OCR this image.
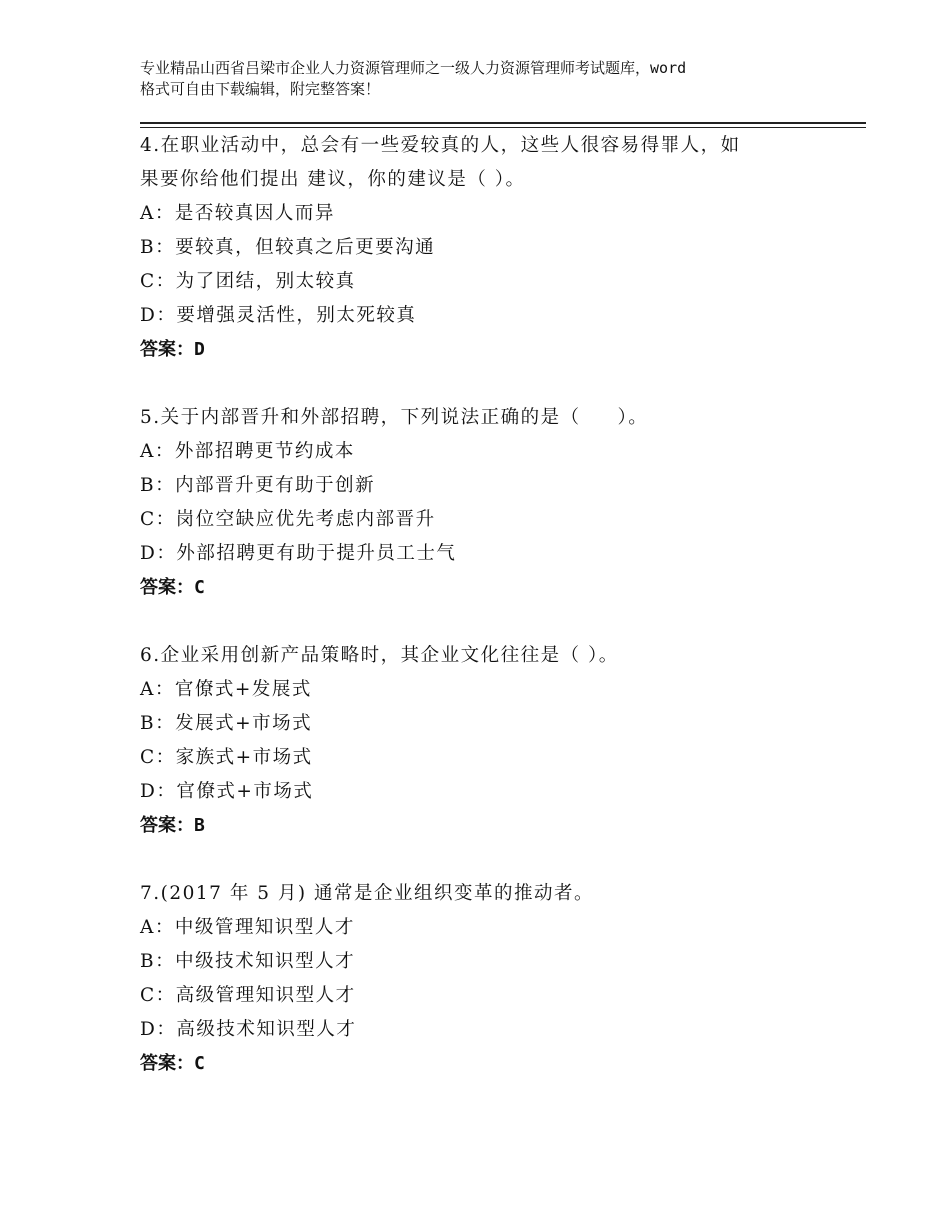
专业精品山西省吕梁市企业人力资源管理师之一级人力资源管理师考试题库，word
格式可自由下载编辑，附完整答案！
4.在职业活动中，总会有一些爱较真的人，这些人很容易得罪人，如
果要你给他们提出 建议，你的建议是（ ）。
A：是否较真因人而异
B：要较真，但较真之后更要沟通
C：为了团结，别太较真
D：要增强灵活性，别太死较真
答案：D
5.关于内部晋升和外部招聘，下列说法正确的是（     ）。
A：外部招聘更节约成本
B：内部晋升更有助于创新
C：岗位空缺应优先考虑内部晋升
D：外部招聘更有助于提升员工士气
答案：C
6.企业采用创新产品策略时，其企业文化往往是（ ）。
A：官僚式+发展式
B：发展式+市场式
C：家族式+市场式
D：官僚式+市场式
答案：B
7.(2017 年 5 月) 通常是企业组织变革的推动者。
A：中级管理知识型人才
B：中级技术知识型人才
C：高级管理知识型人才
D：高级技术知识型人才
答案：C
